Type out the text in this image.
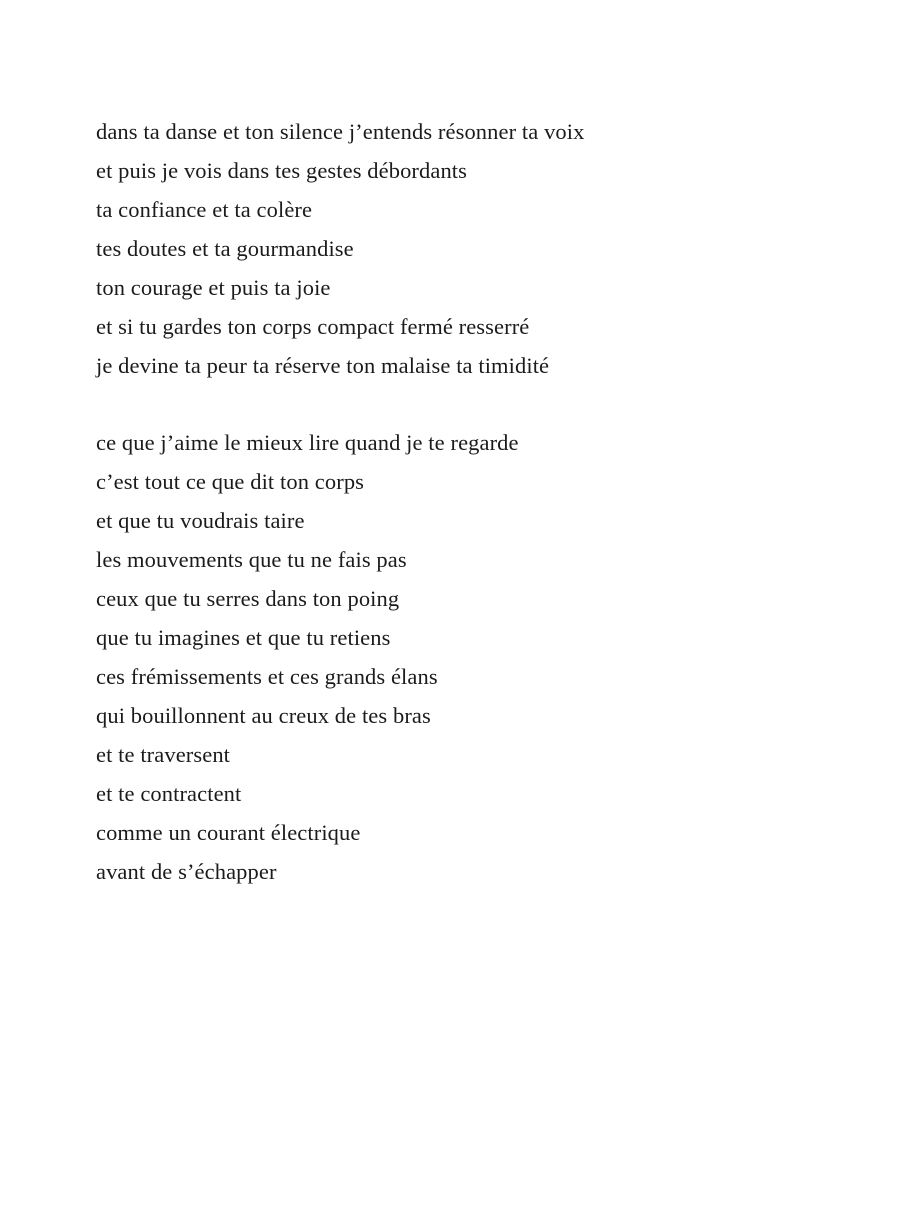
dans ta danse et ton silence j’entends résonner ta voix
et puis je vois dans tes gestes débordants
ta confiance et ta colère
tes doutes et ta gourmandise
ton courage et puis ta joie
et si tu gardes ton corps compact fermé resserré
je devine ta peur ta réserve ton malaise ta timidité
ce que j’aime le mieux lire quand je te regarde
c’est tout ce que dit ton corps
et que tu voudrais taire
les mouvements que tu ne fais pas
ceux que tu serres dans ton poing
que tu imagines et que tu retiens
ces frémissements et ces grands élans
qui bouillonnent au creux de tes bras
et te traversent
et te contractent
comme un courant électrique
avant de s’échapper
